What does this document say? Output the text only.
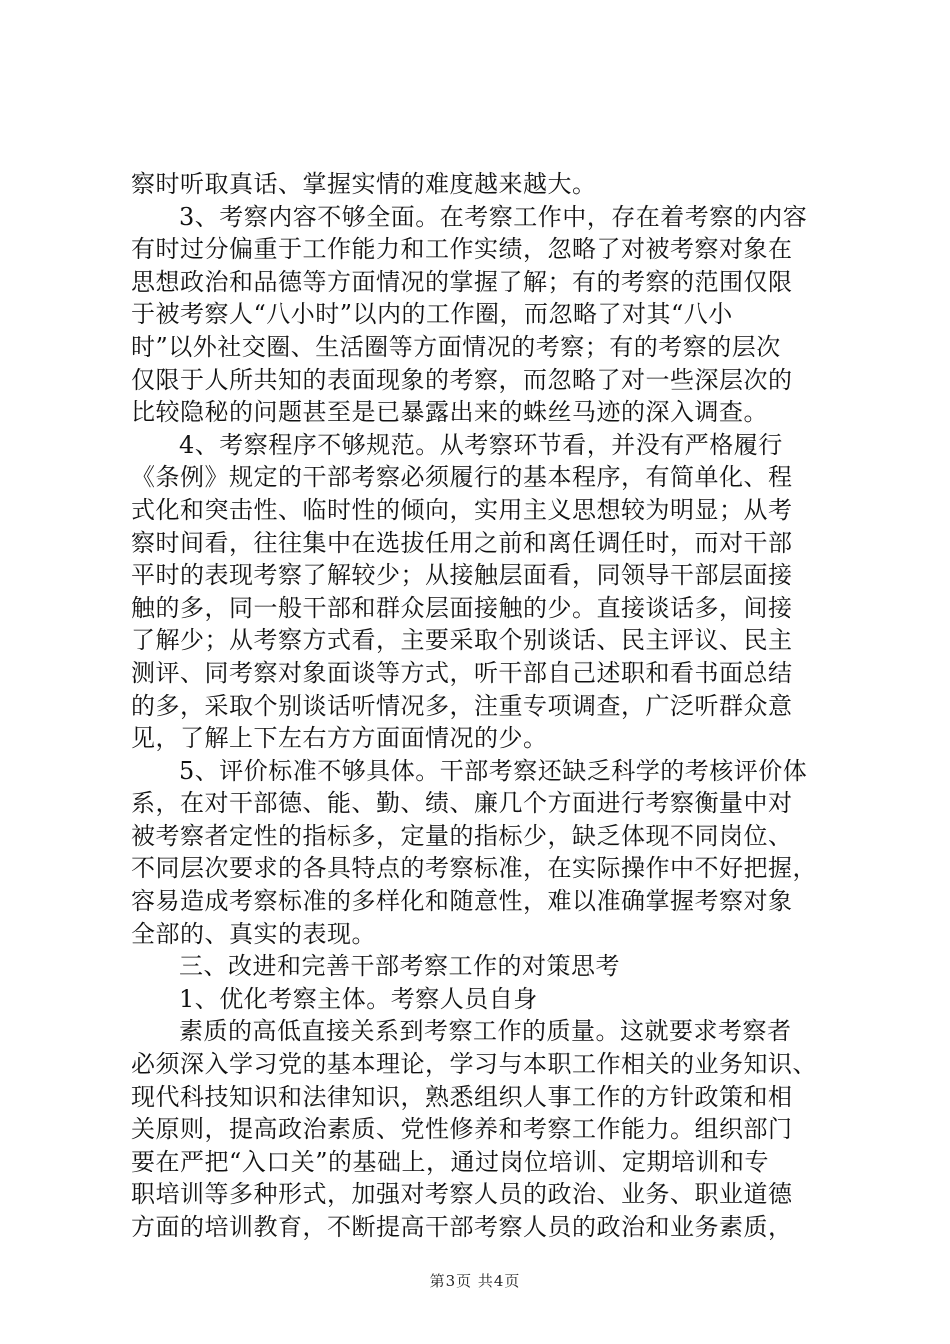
察时听取真话、掌握实情的难度越来越大。
3、考察内容不够全面。在考察工作中，存在着考察的内容
有时过分偏重于工作能力和工作实绩，忽略了对被考察对象在
思想政治和品德等方面情况的掌握了解；有的考察的范围仅限
于被考察人“八小时”以内的工作圈，而忽略了对其“八小
时”以外社交圈、生活圈等方面情况的考察；有的考察的层次
仅限于人所共知的表面现象的考察，而忽略了对一些深层次的
比较隐秘的问题甚至是已暴露出来的蛛丝马迹的深入调查。
4、考察程序不够规范。从考察环节看，并没有严格履行
《条例》规定的干部考察必须履行的基本程序，有简单化、程
式化和突击性、临时性的倾向，实用主义思想较为明显；从考
察时间看，往往集中在选拔任用之前和离任调任时，而对干部
平时的表现考察了解较少；从接触层面看，同领导干部层面接
触的多，同一般干部和群众层面接触的少。直接谈话多，间接
了解少；从考察方式看，主要采取个别谈话、民主评议、民主
测评、同考察对象面谈等方式，听干部自己述职和看书面总结
的多，采取个别谈话听情况多，注重专项调查，广泛听群众意
见，了解上下左右方方面面情况的少。
5、评价标准不够具体。干部考察还缺乏科学的考核评价体
系，在对干部德、能、勤、绩、廉几个方面进行考察衡量中对
被考察者定性的指标多，定量的指标少，缺乏体现不同岗位、
不同层次要求的各具特点的考察标准，在实际操作中不好把握，
容易造成考察标准的多样化和随意性，难以准确掌握考察对象
全部的、真实的表现。
三、改进和完善干部考察工作的对策思考
1、优化考察主体。考察人员自身
素质的高低直接关系到考察工作的质量。这就要求考察者
必须深入学习党的基本理论，学习与本职工作相关的业务知识、
现代科技知识和法律知识，熟悉组织人事工作的方针政策和相
关原则，提高政治素质、党性修养和考察工作能力。组织部门
要在严把“入口关”的基础上，通过岗位培训、定期培训和专
职培训等多种形式，加强对考察人员的政治、业务、职业道德
方面的培训教育，不断提高干部考察人员的政治和业务素质，
第3页 共4页
